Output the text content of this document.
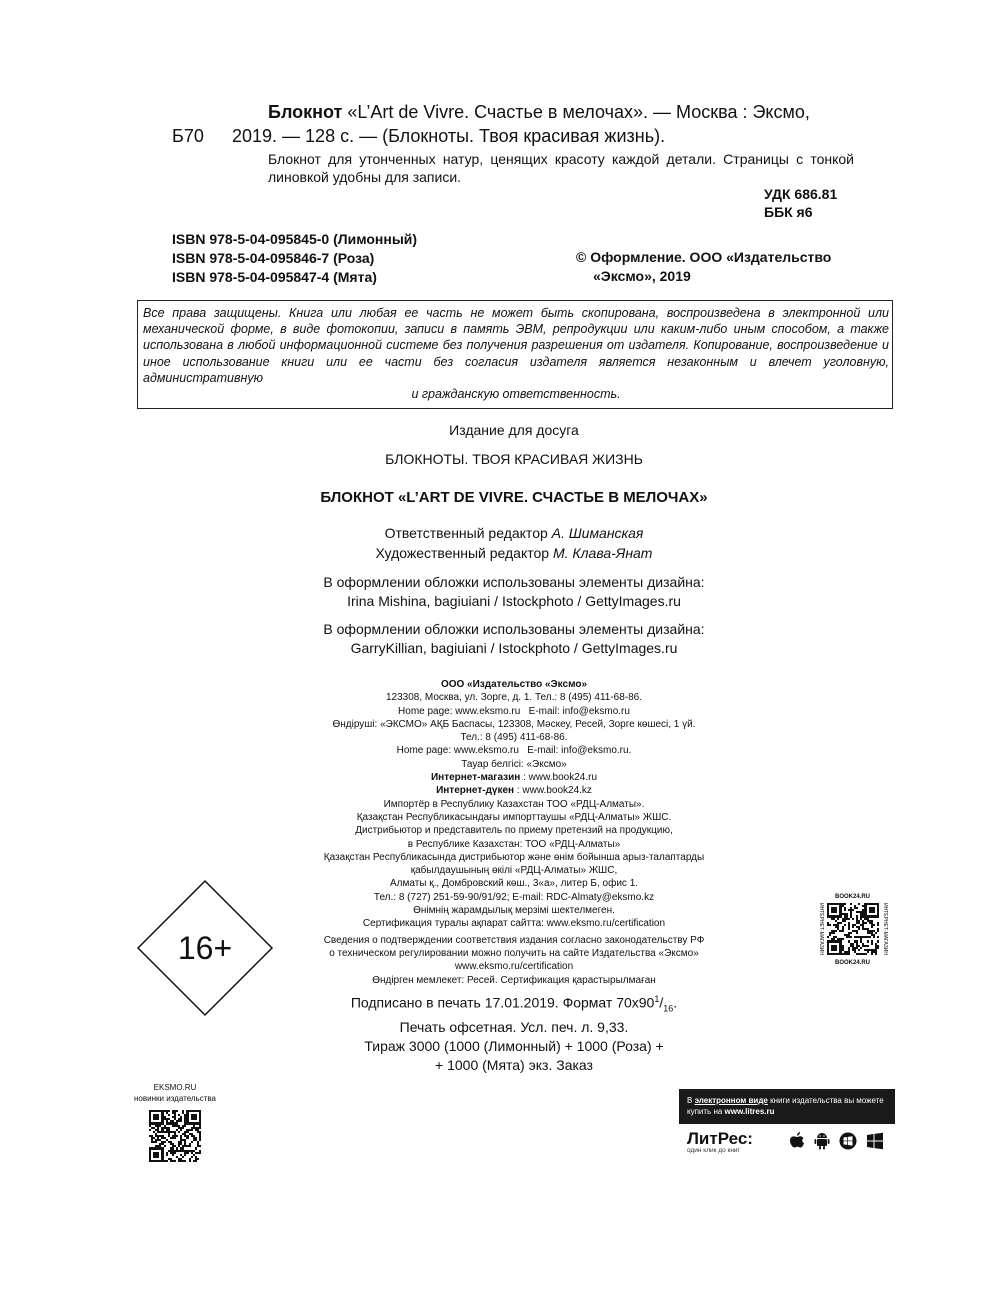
Блокнот «L’Art de Vivre. Счастье в мелочах». — Москва : Эксмо,
Б70 2019. — 128 с. — (Блокноты. Твоя красивая жизнь).
Блокнот для утонченных натур, ценящих красоту каждой детали. Страницы с тонкой линовкой удобны для записи.
УДК 686.81
ББК я6
ISBN 978-5-04-095845-0 (Лимонный)
ISBN 978-5-04-095846-7 (Роза)
ISBN 978-5-04-095847-4 (Мята)
© Оформление. ООО «Издательство
«Эксмо», 2019
Все права защищены. Книга или любая ее часть не может быть скопирована, воспроизведена в электронной или механической форме, в виде фотокопии, записи в память ЭВМ, репродукции или каким-либо иным способом, а также использована в любой информационной системе без получения разрешения от издателя. Копирование, воспроизведение и иное использование книги или ее части без согласия издателя является незаконным и влечет уголовную, административную
и гражданскую ответственность.
Издание для досуга
БЛОКНОТЫ. ТВОЯ КРАСИВАЯ ЖИЗНЬ
БЛОКНОТ «L’ART DE VIVRE. СЧАСТЬЕ В МЕЛОЧАХ»
Ответственный редактор А. Шиманская
Художественный редактор М. Клава-Янат
В оформлении обложки использованы элементы дизайна:
Irina Mishina, bagiuiani / Istockphoto / GettyImages.ru
В оформлении обложки использованы элементы дизайна:
GarryKillian, bagiuiani / Istockphoto / GettyImages.ru
ООО «Издательство «Эксмо»
123308, Москва, ул. Зорге, д. 1. Тел.: 8 (495) 411-68-86.
Home page: www.eksmo.ru   E-mail: info@eksmo.ru
Өндіруші: «ЭКСМО» АҚБ Баспасы, 123308, Мәскеу, Ресей, Зорге көшесі, 1 үй.
Тел.: 8 (495) 411-68-86.
Home page: www.eksmo.ru   E-mail: info@eksmo.ru.
Тауар белгісі: «Эксмо»
Интернет-магазин : www.book24.ru
Интернет-дүкен : www.book24.kz
Импортёр в Республику Казахстан ТОО «РДЦ-Алматы».
Қазақстан Республикасындағы импорттаушы «РДЦ-Алматы» ЖШС.
Дистрибьютор и представитель по приему претензий на продукцию,
в Республике Казахстан: ТОО «РДЦ-Алматы»
Қазақстан Республикасында дистрибьютор және өнім бойынша арыз-талаптарды
қабылдаушының өкілі «РДЦ-Алматы» ЖШС,
Алматы қ., Домбровский көш., 3«а», литер Б, офис 1.
Тел.: 8 (727) 251-59-90/91/92; E-mail: RDC-Almaty@eksmo.kz
Өнімнің жарамдылық мерзімі шектелмеген.
Сертификация туралы ақпарат сайтта: www.eksmo.ru/certification
Сведения о подтверждении соответствия издания согласно законодательству РФ
о техническом регулировании можно получить на сайте Издательства «Эксмо»
www.eksmo.ru/certification
Өндірген мемлекет: Ресей. Сертификация қарастырылмаған
Подписано в печать 17.01.2019. Формат $70x90^1/_{16}$.
Печать офсетная. Усл. печ. л. 9,33.
Тираж 3000 (1000 (Лимонный) + 1000 (Роза) +
+ 1000 (Мята) экз. Заказ
16+
BOOK24.RU
ИНТЕРНЕТ-МАГАЗИН	ИНТЕРНЕТ-МАГАЗИН
BOOK24.RU
EKSMO.RU
новинки издательства	В электронном виде книги издательства вы можете
купить на www.litres.ru
ЛитРес:
один клик до книг
